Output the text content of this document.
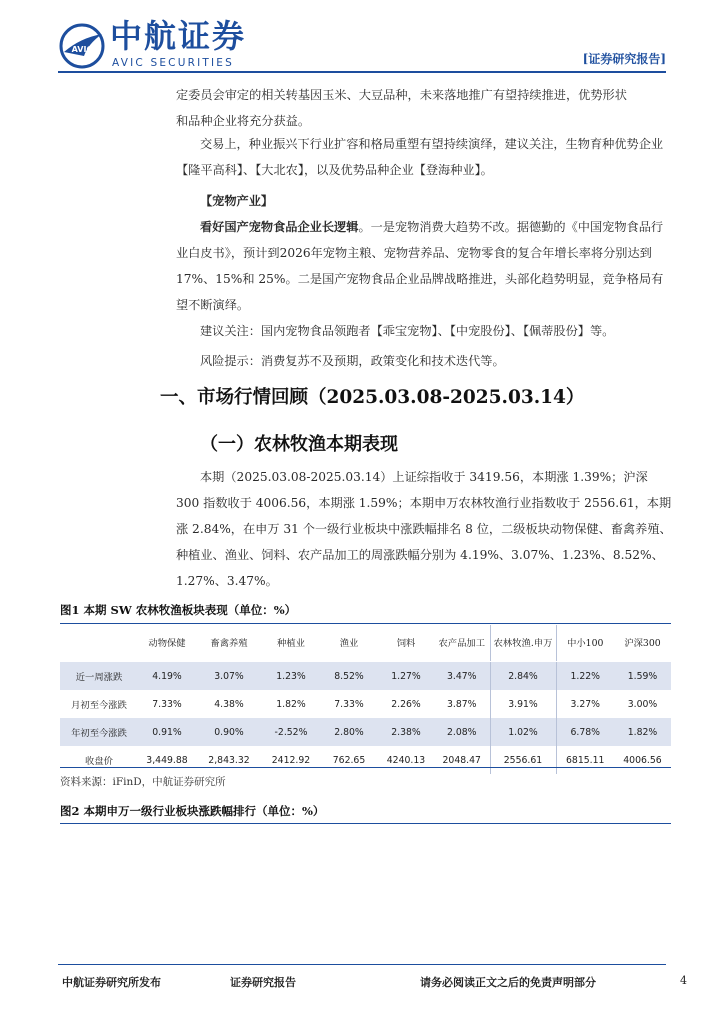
AVIC 中航证券
AVIC SECURITIES	[证券研究报告]

定委员会审定的相关转基因玉米、大豆品种，未来落地推广有望持续推进，优势形状
和品种企业将充分获益。

交易上，种业振兴下行业扩容和格局重塑有望持续演绎，建议关注，生物育种优势企业【隆平高科】、【大北农】，以及优势品种企业【登海种业】。

【宠物产业】

看好国产宠物食品企业长逻辑。一是宠物消费大趋势不改。据德勤的《中国宠物食品行业白皮书》，预计到2026年宠物主粮、宠物营养品、宠物零食的复合年增长率将分别达到 17%、15%和 25%。二是国产宠物食品企业品牌战略推进，头部化趋势明显，竞争格局有望不断演绎。

建议关注：国内宠物食品领跑者【乖宝宠物】、【中宠股份】、【佩蒂股份】等。

风险提示：消费复苏不及预期，政策变化和技术迭代等。

一、市场行情回顾（2025.03.08-2025.03.14）
（一）农林牧渔本期表现

本期（2025.03.08-2025.03.14）上证综指收于 3419.56，本期涨 1.39%；沪深 300 指数收于 4006.56，本期涨 1.59%；本期申万农林牧渔行业指数收于 2556.61，本期涨 2.84%，在申万 31 个一级行业板块中涨跌幅排名 8 位，二级板块动物保健、畜禽养殖、种植业、渔业、饲料、农产品加工的周涨跌幅分别为 4.19%、3.07%、1.23%、8.52%、1.27%、3.47%。

图1 本期 SW 农林牧渔板块表现（单位：%）
	动物保健	畜禽养殖	种植业	渔业	饲料	农产品加工	农林牧渔.申万	中小100	沪深300
近一周涨跌	4.19%	3.07%	1.23%	8.52%	1.27%	3.47%	2.84%	1.22%	1.59%
月初至今涨跌	7.33%	4.38%	1.82%	7.33%	2.26%	3.87%	3.91%	3.27%	3.00%
年初至今涨跌	0.91%	0.90%	-2.52%	2.80%	2.38%	2.08%	1.02%	6.78%	1.82%
收盘价	3,449.88	2,843.32	2412.92	762.65	4240.13	2048.47	2556.61	6815.11	4006.56
资料来源：iFinD，中航证券研究所
图2 本期申万一级行业板块涨跌幅排行（单位：%）
中航证券研究所发布	证券研究报告	请务必阅读正文之后的免责声明部分	4
